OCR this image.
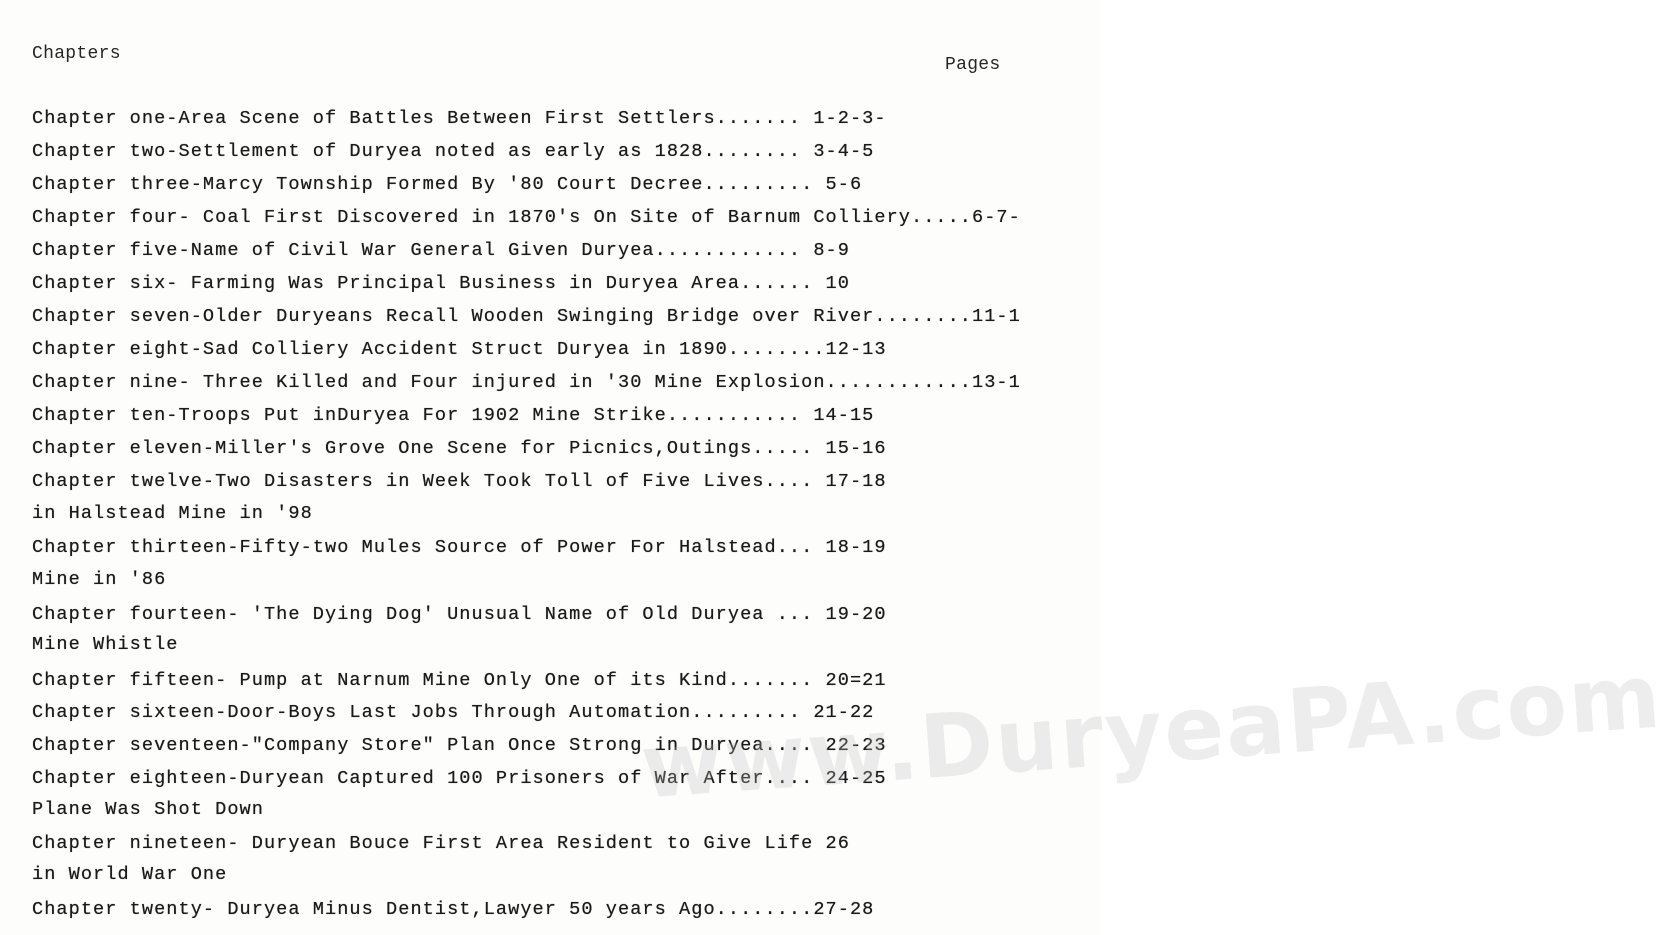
Chapters
Pages
Chapter one-Area Scene of Battles Between First Settlers....... 1-2-3-
Chapter two-Settlement of Duryea noted as early as 1828........ 3-4-5
Chapter three-Marcy Township Formed By '80 Court Decree......... 5-6
Chapter four- Coal First Discovered in 1870's On Site of Barnum Colliery.....6-7-
Chapter five-Name of Civil War General Given Duryea............ 8-9
Chapter six- Farming Was Principal Business in Duryea Area...... 10
Chapter seven-Older Duryeans Recall Wooden Swinging Bridge over River........11-1
Chapter eight-Sad Colliery Accident Struct Duryea in 1890........12-13
Chapter nine- Three Killed and Four injured in '30 Mine Explosion............13-1
Chapter ten-Troops Put inDuryea For 1902 Mine Strike........... 14-15
Chapter eleven-Miller's Grove One Scene for Picnics,Outings..... 15-16
Chapter twelve-Two Disasters in Week Took Toll of Five Lives.... 17-18
in Halstead Mine in '98
Chapter thirteen-Fifty-two Mules Source of Power For Halstead... 18-19
Mine in '86
Chapter fourteen- 'The Dying Dog' Unusual Name of Old Duryea ... 19-20
Mine Whistle
Chapter fifteen- Pump at Narnum Mine Only One of its Kind....... 20=21
Chapter sixteen-Door-Boys Last Jobs Through Automation......... 21-22
Chapter seventeen-"Company Store" Plan Once Strong in Duryea.... 22-23
Chapter eighteen-Duryean Captured 100 Prisoners of War After.... 24-25
Plane Was Shot Down
Chapter nineteen- Duryean Bouce First Area Resident to Give Life 26
in World War One
Chapter twenty- Duryea Minus Dentist,Lawyer 50 years Ago........27-28
www.DuryeaPA.com
